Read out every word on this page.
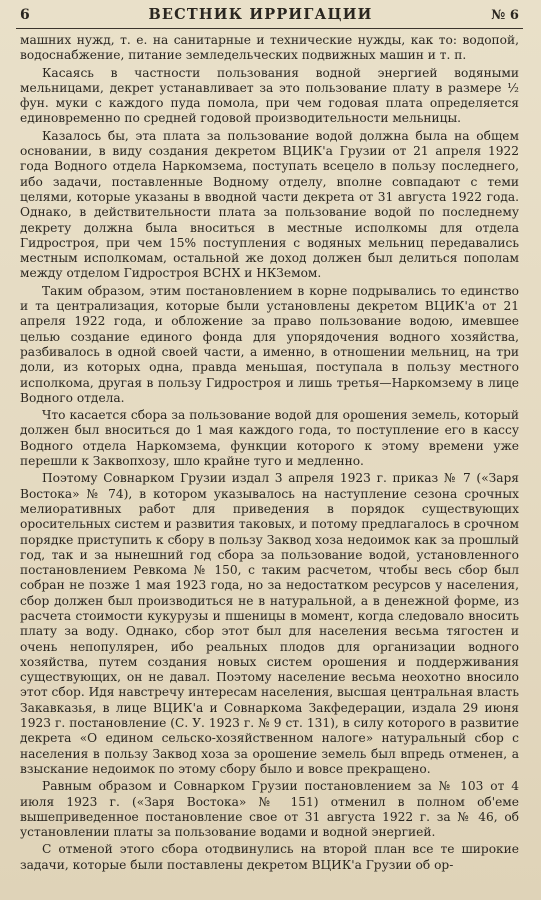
6	ВЕСТНИК ИРРИГАЦИИ	№ 6

машних нужд, т. е. на санитарные и технические нужды, как то: водопой, водоснабжение, питание земледельческих подвижных машин и т. п.

Касаясь в частности пользования водной энергией водяными мельницами, декрет устанавливает за это пользование плату в размере ½ фун. муки с каждого пуда помола, при чем годовая плата определяется единовременно по средней годовой производительности мельницы.

Казалось бы, эта плата за пользование водой должна была на общем основании, в виду создания декретом ВЦИК'а Грузии от 21 апреля 1922 года Водного отдела Наркомзема, поступать всецело в пользу последнего, ибо задачи, поставленные Водному отделу, вполне совпадают с теми целями, которые указаны в вводной части декрета от 31 августа 1922 года. Однако, в действительности плата за пользование водой по последнему декрету должна была вноситься в местные исполкомы для отдела Гидростроя, при чем 15% поступления с водяных мельниц передавались местным исполкомам, остальной же доход должен был делиться пополам между отделом Гидростроя ВСНХ и НКЗемом.

Таким образом, этим постановлением в корне подрывались то единство и та централизация, которые были установлены декретом ВЦИК'а от 21 апреля 1922 года, и обложение за право пользование водою, имевшее целью создание единого фонда для упорядочения водного хозяйства, разбивалось в одной своей части, а именно, в отношении мельниц, на три доли, из которых одна, правда меньшая, поступала в пользу местного исполкома, другая в пользу Гидростроя и лишь третья—Наркомзему в лице Водного отдела.

Что касается сбора за пользование водой для орошения земель, который должен был вноситься до 1 мая каждого года, то поступление его в кассу Водного отдела Наркомзема, функции которого к этому времени уже перешли к Заквопхозу, шло крайне туго и медленно.

Поэтому Совнарком Грузии издал 3 апреля 1923 г. приказ № 7 («Заря Востока» № 74), в котором указывалось на наступление сезона срочных мелиоративных работ для приведения в порядок существующих оросительных систем и развития таковых, и потому предлагалось в срочном порядке приступить к сбору в пользу Заквод хоза недоимок как за прошлый год, так и за нынешний год сбора за пользование водой, установленного постановлением Ревкома № 150, с таким расчетом, чтобы весь сбор был собран не позже 1 мая 1923 года, но за недостатком ресурсов у населения, сбор должен был производиться не в натуральной, а в денежной форме, из расчета стоимости кукурузы и пшеницы в момент, когда следовало вносить плату за воду. Однако, сбор этот был для населения весьма тягостен и очень непопулярен, ибо реальных плодов для организации водного хозяйства, путем создания новых систем орошения и поддерживания существующих, он не давал. Поэтому население весьма неохотно вносило этот сбор. Идя навстречу интересам населения, высшая центральная власть Закавказья, в лице ВЦИК'а и Совнаркома Закфедерации, издала 29 июня 1923 г. постановление (С. У. 1923 г. № 9 ст. 131), в силу которого в развитие декрета «О едином сельско-хозяйственном налоге» натуральный сбор с населения в пользу Заквод хоза за орошение земель был впредь отменен, а взыскание недоимок по этому сбору было и вовсе прекращено.

Равным образом и Совнарком Грузии постановлением за № 103 от 4 июля 1923 г. («Заря Востока» № 151) отменил в полном об'еме вышеприведенное постановление свое от 31 августа 1922 г. за № 46, об установлении платы за пользование водами и водной энергией.

С отменой этого сбора отодвинулись на второй план все те широкие задачи, которые были поставлены декретом ВЦИК'а Грузии об ор-
